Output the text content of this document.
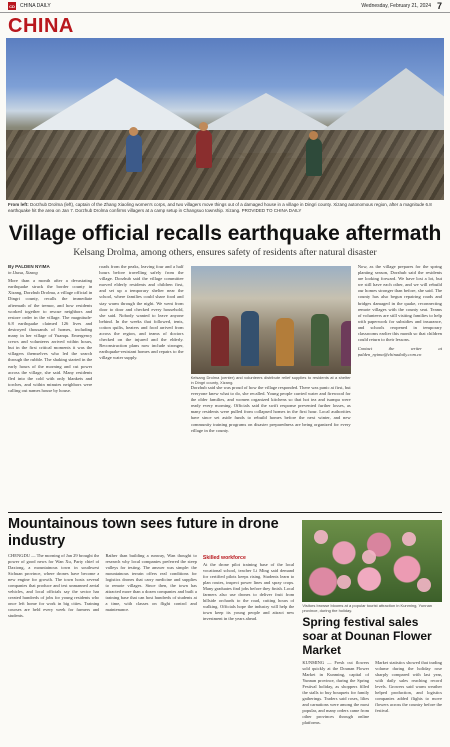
CD CHINA DAILY	Wednesday, February 21, 2024 7
CHINA
From left: Dorzhub Drolma (left), captain of the Zhang Xiaoling women's corps, and two villagers move things out of a damaged house in a village in Dingri county. Xizang autonomous region, after a magnitude 6.8 earthquake hit the area on Jan 7. Dorzhub Drolma confirms villagers at a camp setup in Changsuo township. Xizang. PROVIDED TO CHINA DAILY
Village official recalls earthquake aftermath
Kelsang Drolma, among others, ensures safety of residents after natural disaster
By PALDEN NYIMA
in Lhasa, Xizang
More than a month after a devastating earthquake struck the border county in Xizang, Dorzhub Drolma, a village official in Dingri county, recalls the immediate aftermath of the tremor, and how residents worked together to rescue neighbors and restore order in the village. The magnitude-6.8 earthquake claimed 126 lives and destroyed thousands of homes, including many in her village of Yuanqu. Emergency crews and volunteers arrived within hours, but in the first critical moments it was the villagers themselves who led the search through the rubble. The shaking started in the early hours of the morning and cut power across the village, she said. Many residents fled into the cold with only blankets and torches, and within minutes neighbors were calling out names house by house.
roads from the peaks, leaving four and a half hours before travelling safely from the village. Dorzhub said the village committee moved elderly residents and children first, and set up a temporary shelter near the school, where families could share food and stay warm through the night. We went from door to door and checked every household, she said. Nobody wanted to leave anyone behind. In the weeks that followed, tents, cotton quilts, heaters and food arrived from across the region, and teams of doctors checked on the injured and the elderly. Reconstruction plans now include stronger, earthquake-resistant homes and repairs to the village water supply.
Kelsang Drolma (center) and volunteers distribute relief supplies to residents at a shelter in Dingri county, Xizang.
Dorzhub said she was proud of how the village responded. There was panic at first, but everyone knew what to do, she recalled. Young people carried water and firewood for the older families, and women organized kitchens so that hot tea and tsampa were ready every morning. Officials said the swift response prevented further losses, as many residents were pulled from collapsed homes in the first hour. Local authorities have since set aside funds to rebuild homes before the next winter, and new community training programs on disaster preparedness are being organized for every village in the county.
Now, as the village prepares for the spring planting season, Dorzhub said the residents are looking forward. We have lost a lot, but we still have each other, and we will rebuild our homes stronger than before, she said. The county has also begun repairing roads and bridges damaged in the quake, reconnecting remote villages with the county seat. Teams of volunteers are still visiting families to help with paperwork for subsidies and insurance, and schools reopened in temporary classrooms earlier this month so that children could return to their lessons.
Contact the writer at palden_nyima@chinadaily.com.cn
Mountainous town sees future in drone industry
CHENGDU — The morning of Jan 29 brought the power of good news for Wan Xu, Party chief of Daxiong, a mountainous town in southwest Sichuan province, where drones have become a new engine for growth. The town hosts several companies that produce and test unmanned aerial vehicles, and local officials say the sector has created hundreds of jobs for young residents who once left home for work in big cities. Training courses are held every week for farmers and students.
Rather than building a runway, Wan thought to research why local companies preferred the steep valleys for testing. The answer was simple: the mountainous terrain offers real conditions for logistics drones that carry medicine and supplies to remote villages. Since then, the town has attracted more than a dozen companies and built a training base that can host hundreds of students at a time, with classes on flight control and maintenance.
Skilled workforce
At the drone pilot training base of the local vocational school, teacher Li Ming said demand for certified pilots keeps rising. Students learn to plan routes, inspect power lines and spray crops. Many graduates find jobs before they finish. Local farmers also use drones to deliver fruit from hillside orchards to the road, cutting hours of walking. Officials hope the industry will help the town keep its young people and attract new investment in the years ahead.
Visitors browse blooms at a popular tourist attraction in Kunming, Yunnan province, during the holiday.
Spring festival sales soar at Dounan Flower Market
KUNMING — Fresh cut flowers sold quickly at the Dounan Flower Market in Kunming, capital of Yunnan province, during the Spring Festival holiday, as shoppers filled the stalls to buy bouquets for family gatherings. Traders said roses, lilies and carnations were among the most popular, and many orders came from other provinces through online platforms.
Market statistics showed that trading volume during the holiday rose sharply compared with last year, with daily sales reaching record levels. Growers said warm weather helped production, and logistics companies added flights to move flowers across the country before the festival.
